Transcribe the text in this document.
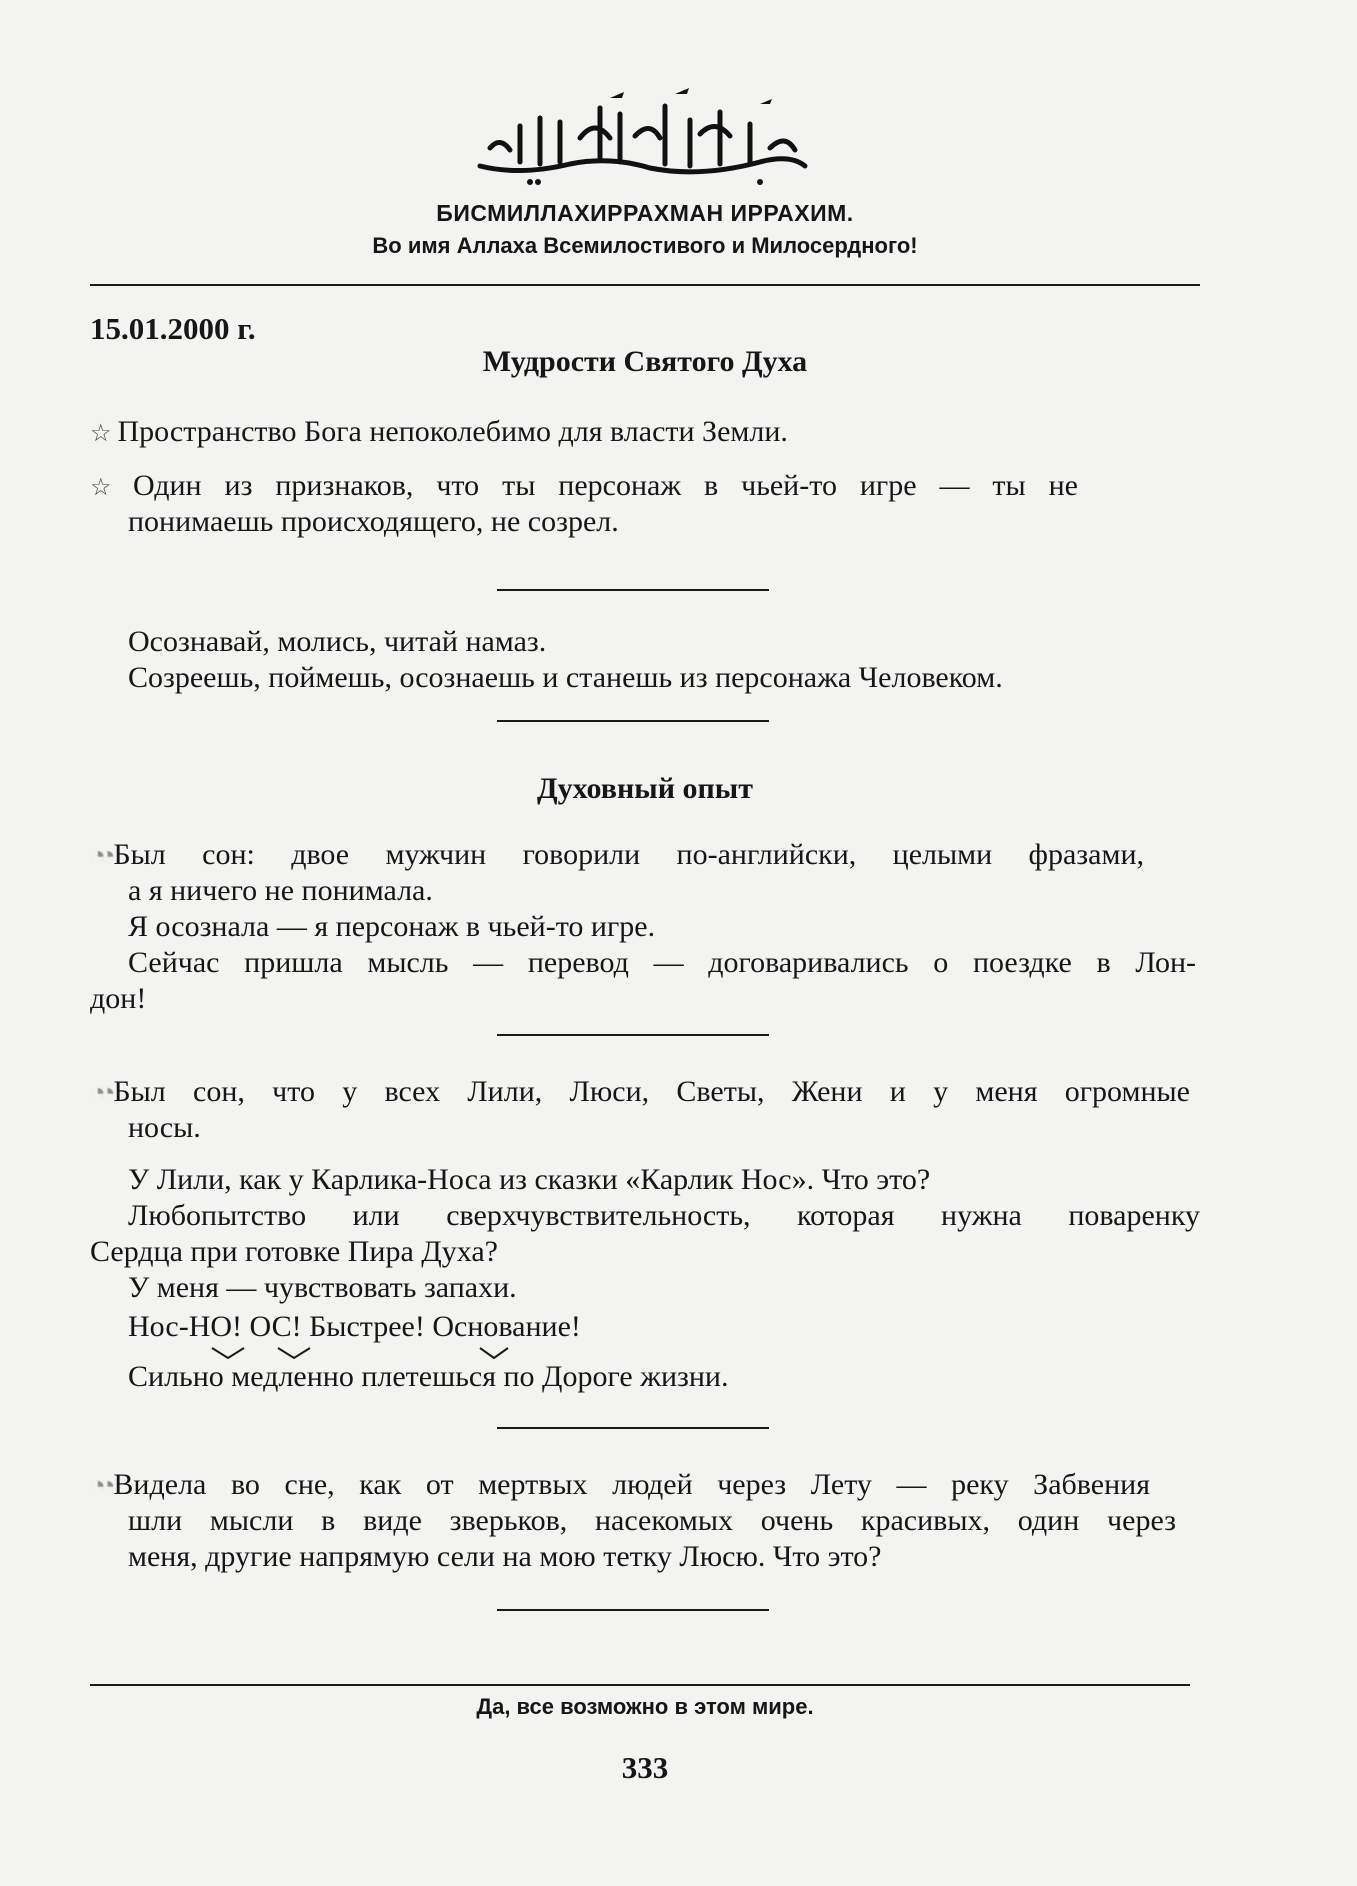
БИСМИЛЛАХИРРАХМАН ИРРАХИМ.
Во имя Аллаха Всемилостивого и Милосердного!
15.01.2000 г.
Мудрости Святого Духа
☆ Пространство Бога непоколебимо для власти Земли.
☆ Один из признаков, что ты персонаж в чьей-то игре — ты не
понимаешь происходящего, не созрел.
Осознавай, молись, читай намаз.
Созреешь, поймешь, осознаешь и станешь из персонажа Человеком.
Духовный опыт
◔◔ Был сон: двое мужчин говорили по-английски, целыми фразами,
а я ничего не понимала.
Я осознала — я персонаж в чьей-то игре.
Сейчас пришла мысль — перевод — договаривались о поездке в Лон-
дон!
◔◔ Был сон, что у всех Лили, Люси, Светы, Жени и у меня огромные
носы.
У Лили, как у Карлика-Носа из сказки «Карлик Нос». Что это?
Любопытство или сверхчувствительность, которая нужна поваренку
Сердца при готовке Пира Духа?
У меня — чувствовать запахи.
Нос-НО! ОС! Быстрее! Основание!
Сильно медленно плетешься по Дороге жизни.
◔◔ Видела во сне, как от мертвых людей через Лету — реку Забвения
шли мысли в виде зверьков, насекомых очень красивых, один через
меня, другие напрямую сели на мою тетку Люсю. Что это?
Да, все возможно в этом мире.
333
